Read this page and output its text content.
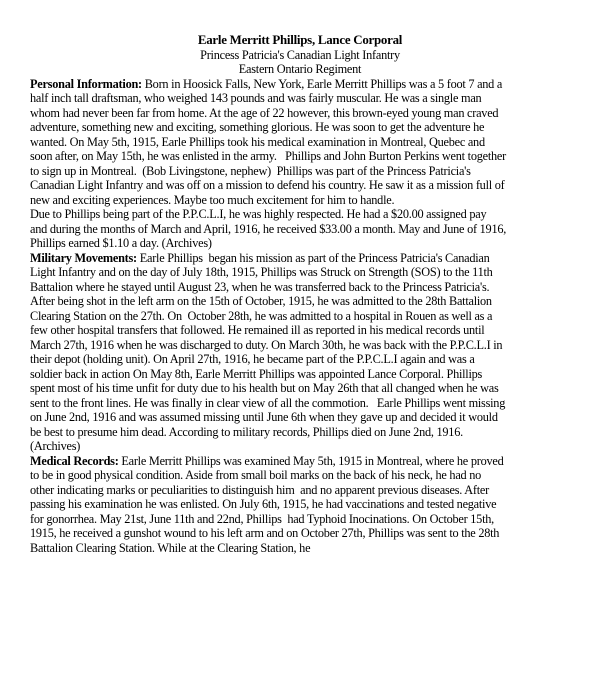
Earle Merritt Phillips, Lance Corporal
Princess Patricia's Canadian Light Infantry
Eastern Ontario Regiment

Personal Information: Born in Hoosick Falls, New York, Earle Merritt Phillips was a 5 foot 7 and a
half inch tall draftsman, who weighed 143 pounds and was fairly muscular. He was a single man
whom had never been far from home. At the age of 22 however, this brown-eyed young man craved
adventure, something new and exciting, something glorious. He was soon to get the adventure he
wanted. On May 5th, 1915, Earle Phillips took his medical examination in Montreal, Quebec and
soon after, on May 15th, he was enlisted in the army.   Phillips and John Burton Perkins went together
to sign up in Montreal.  (Bob Livingstone, nephew)  Phillips was part of the Princess Patricia's
Canadian Light Infantry and was off on a mission to defend his country. He saw it as a mission full of
new and exciting experiences. Maybe too much excitement for him to handle.

Due to Phillips being part of the P.P.C.L.I, he was highly respected. He had a $20.00 assigned pay
and during the months of March and April, 1916, he received $33.00 a month. May and June of 1916,
Phillips earned $1.10 a day. (Archives)

Military Movements: Earle Phillips  began his mission as part of the Princess Patricia's Canadian
Light Infantry and on the day of July 18th, 1915, Phillips was Struck on Strength (SOS) to the 11th
Battalion where he stayed until August 23, when he was transferred back to the Princess Patricia's.
After being shot in the left arm on the 15th of October, 1915, he was admitted to the 28th Battalion
Clearing Station on the 27th. On  October 28th, he was admitted to a hospital in Rouen as well as a
few other hospital transfers that followed. He remained ill as reported in his medical records until
March 27th, 1916 when he was discharged to duty. On March 30th, he was back with the P.P.C.L.I in
their depot (holding unit). On April 27th, 1916, he became part of the P.P.C.L.I again and was a
soldier back in action On May 8th, Earle Merritt Phillips was appointed Lance Corporal. Phillips
spent most of his time unfit for duty due to his health but on May 26th that all changed when he was
sent to the front lines. He was finally in clear view of all the commotion.   Earle Phillips went missing
on June 2nd, 1916 and was assumed missing until June 6th when they gave up and decided it would
be best to presume him dead. According to military records, Phillips died on June 2nd, 1916.
(Archives)

Medical Records: Earle Merritt Phillips was examined May 5th, 1915 in Montreal, where he proved
to be in good physical condition. Aside from small boil marks on the back of his neck, he had no
other indicating marks or peculiarities to distinguish him  and no apparent previous diseases. After
passing his examination he was enlisted. On July 6th, 1915, he had vaccinations and tested negative
for gonorrhea. May 21st, June 11th and 22nd, Phillips  had Typhoid Inocinations. On October 15th,
1915, he received a gunshot wound to his left arm and on October 27th, Phillips was sent to the 28th
Battalion Clearing Station. While at the Clearing Station, he
